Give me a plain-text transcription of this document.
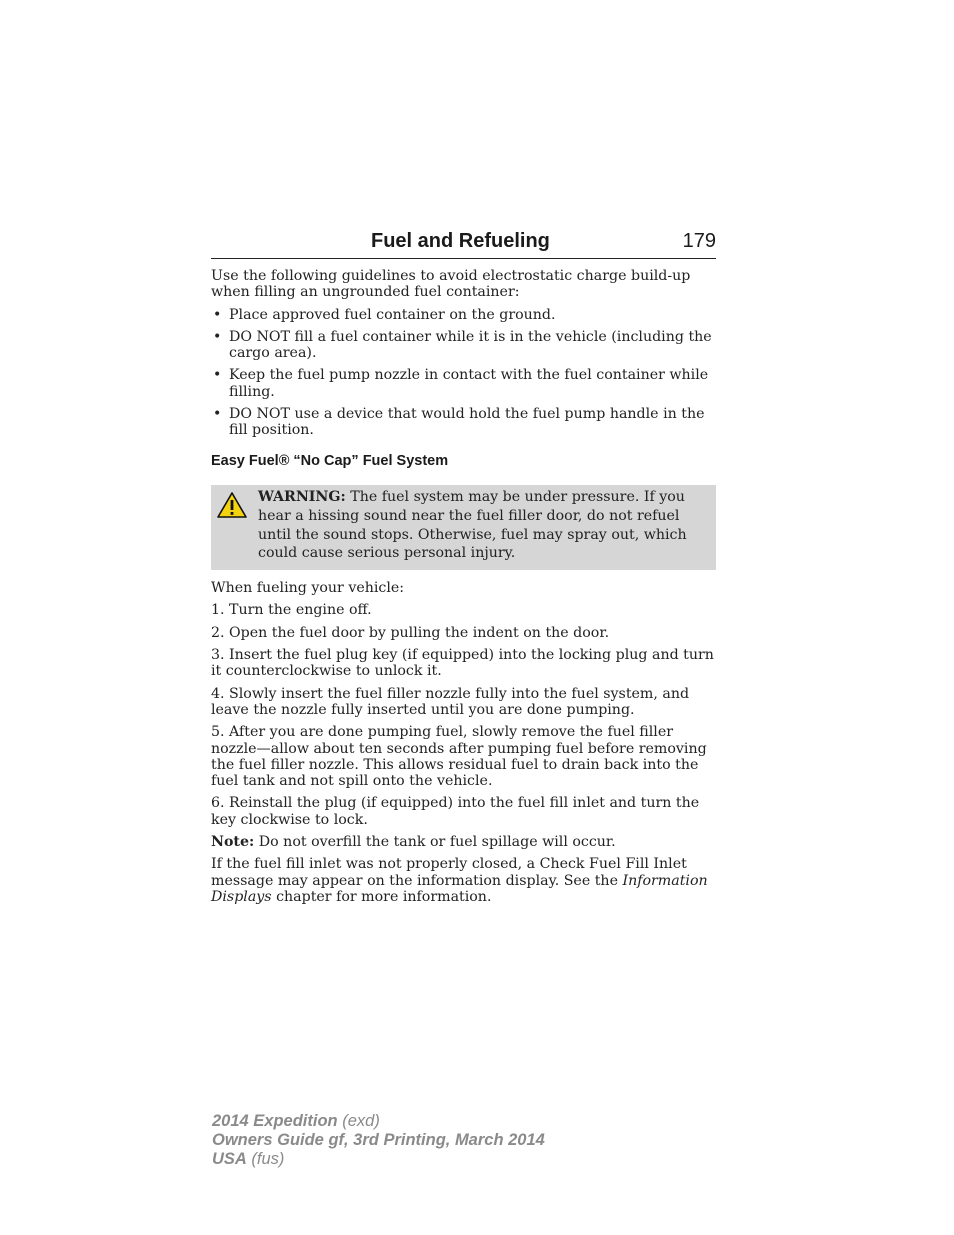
Fuel and Refueling	179

Use the following guidelines to avoid electrostatic charge build-up when filling an ungrounded fuel container:

• Place approved fuel container on the ground.
• DO NOT fill a fuel container while it is in the vehicle (including the cargo area).
• Keep the fuel pump nozzle in contact with the fuel container while filling.
• DO NOT use a device that would hold the fuel pump handle in the fill position.
Easy Fuel® “No Cap” Fuel System
WARNING: The fuel system may be under pressure. If you hear a hissing sound near the fuel filler door, do not refuel until the sound stops. Otherwise, fuel may spray out, which could cause serious personal injury.

When fueling your vehicle:

1. Turn the engine off.

2. Open the fuel door by pulling the indent on the door.

3. Insert the fuel plug key (if equipped) into the locking plug and turn it counterclockwise to unlock it.

4. Slowly insert the fuel filler nozzle fully into the fuel system, and leave the nozzle fully inserted until you are done pumping.

5. After you are done pumping fuel, slowly remove the fuel filler nozzle—allow about ten seconds after pumping fuel before removing the fuel filler nozzle. This allows residual fuel to drain back into the fuel tank and not spill onto the vehicle.

6. Reinstall the plug (if equipped) into the fuel fill inlet and turn the key clockwise to lock.

Note: Do not overfill the tank or fuel spillage will occur.

If the fuel fill inlet was not properly closed, a Check Fuel Fill Inlet message may appear on the information display. See the Information Displays chapter for more information.

2014 Expedition (exd)
Owners Guide gf, 3rd Printing, March 2014
USA (fus)
